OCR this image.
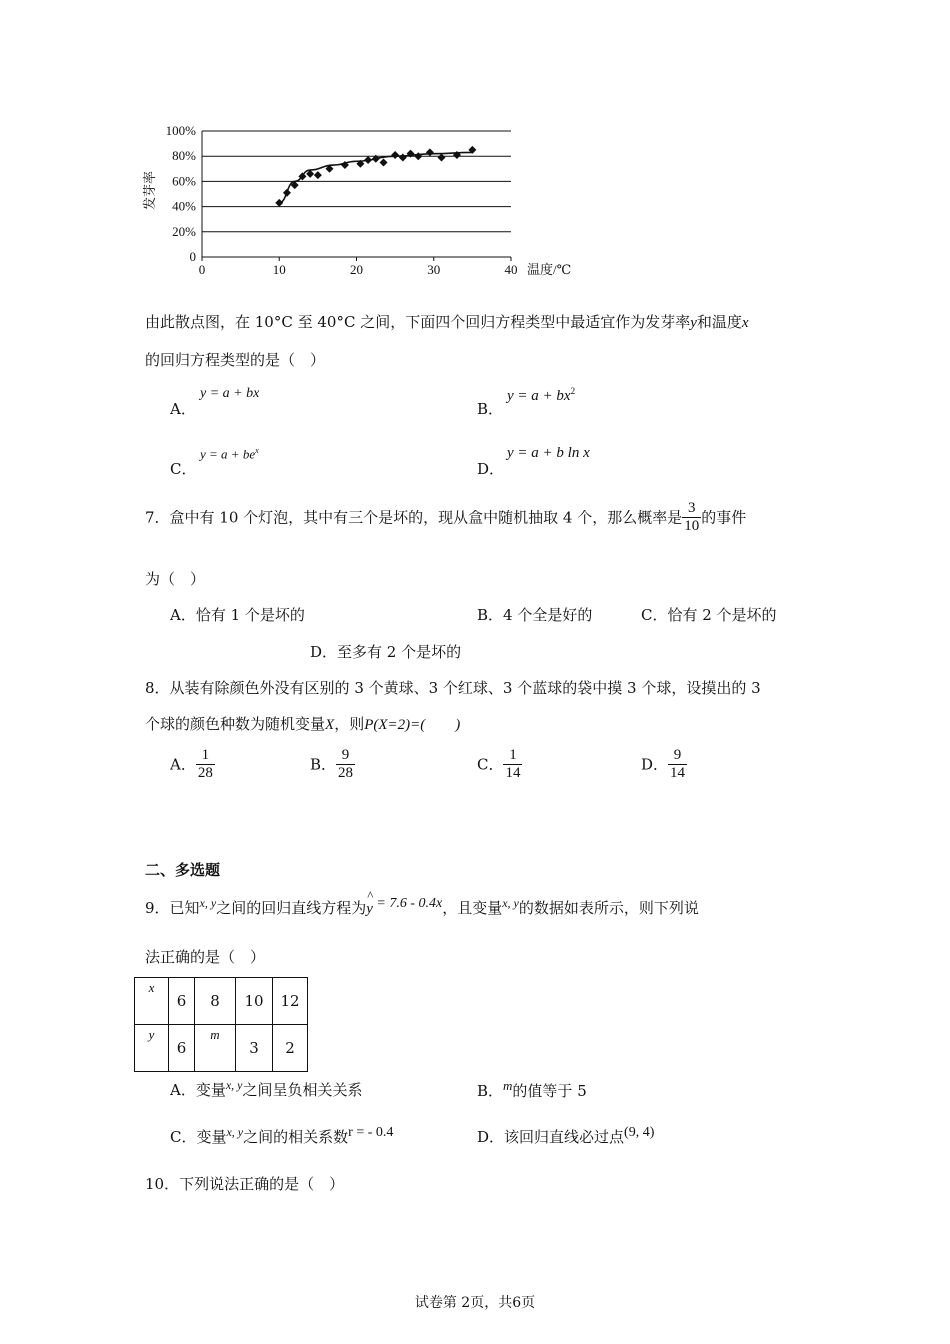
0
20%
40%
60%
80%
100%
0	10	20	30	40 温度/℃
发芽率
由此散点图，在 10°C 至 40°C 之间，下面四个回归方程类型中最适宜作为发芽率y和温度x
的回归方程类型的是（　）
A．
y = a + bx
B．
$y = a + bx^2$
C．
$y = a + be^x$
D．
y = a + b ln x
7．盒中有 10 个灯泡，其中有三个是坏的，现从盒中随机抽取 4 个，那么概率是 $\frac{3}{10}$ 的事件
为（　）
A．恰有 1 个是坏的	B．4 个全是好的	C．恰有 2 个是坏的
D．至多有 2 个是坏的
8．从装有除颜色外没有区别的 3 个黄球、3 个红球、3 个蓝球的袋中摸 3 个球，设摸出的 3
个球的颜色种数为随机变量X，则P(X=2)=(　　)
A． $\frac{1}{28}$	B． $\frac{9}{28}$	C． $\frac{1}{14}$	D． $\frac{9}{14}$
二、多选题
9．已知$^{x, y}$之间的回归直线方程为
^
y = 7.6 - 0.4x，且变量$^{x, y}$的数据如表所示，则下列说
法正确的是（　）
x	6	8	10	12
y	6	m	3	2
A．变量$^{x, y}$之间呈负相关关系	B．$^m$的值等于 5
C．变量$^{x, y}$之间的相关系数$^{r = - 0.4}$	D．该回归直线必过点$^{(9, 4)}$
10．下列说法正确的是（　）
试卷第 2页，共6页
